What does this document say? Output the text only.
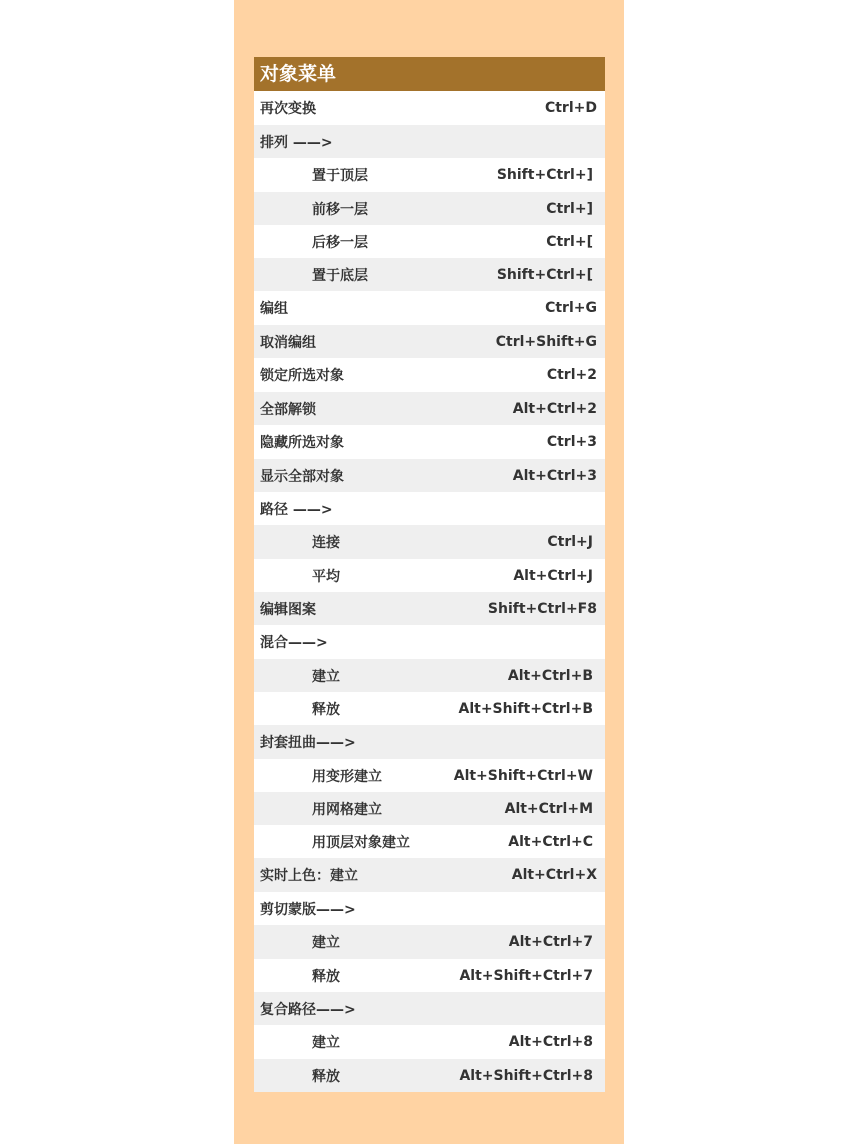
对象菜单
再次变换	Ctrl+D
排列 ——>
置于顶层	Shift+Ctrl+]
前移一层	Ctrl+]
后移一层	Ctrl+[
置于底层	Shift+Ctrl+[
编组	Ctrl+G
取消编组	Ctrl+Shift+G
锁定所选对象	Ctrl+2
全部解锁	Alt+Ctrl+2
隐藏所选对象	Ctrl+3
显示全部对象	Alt+Ctrl+3
路径 ——>
连接	Ctrl+J
平均	Alt+Ctrl+J
编辑图案	Shift+Ctrl+F8
混合——>
建立	Alt+Ctrl+B
释放	Alt+Shift+Ctrl+B
封套扭曲——>
用变形建立	Alt+Shift+Ctrl+W
用网格建立	Alt+Ctrl+M
用顶层对象建立	Alt+Ctrl+C
实时上色：建立	Alt+Ctrl+X
剪切蒙版——>
建立	Alt+Ctrl+7
释放	Alt+Shift+Ctrl+7
复合路径——>
建立	Alt+Ctrl+8
释放	Alt+Shift+Ctrl+8
